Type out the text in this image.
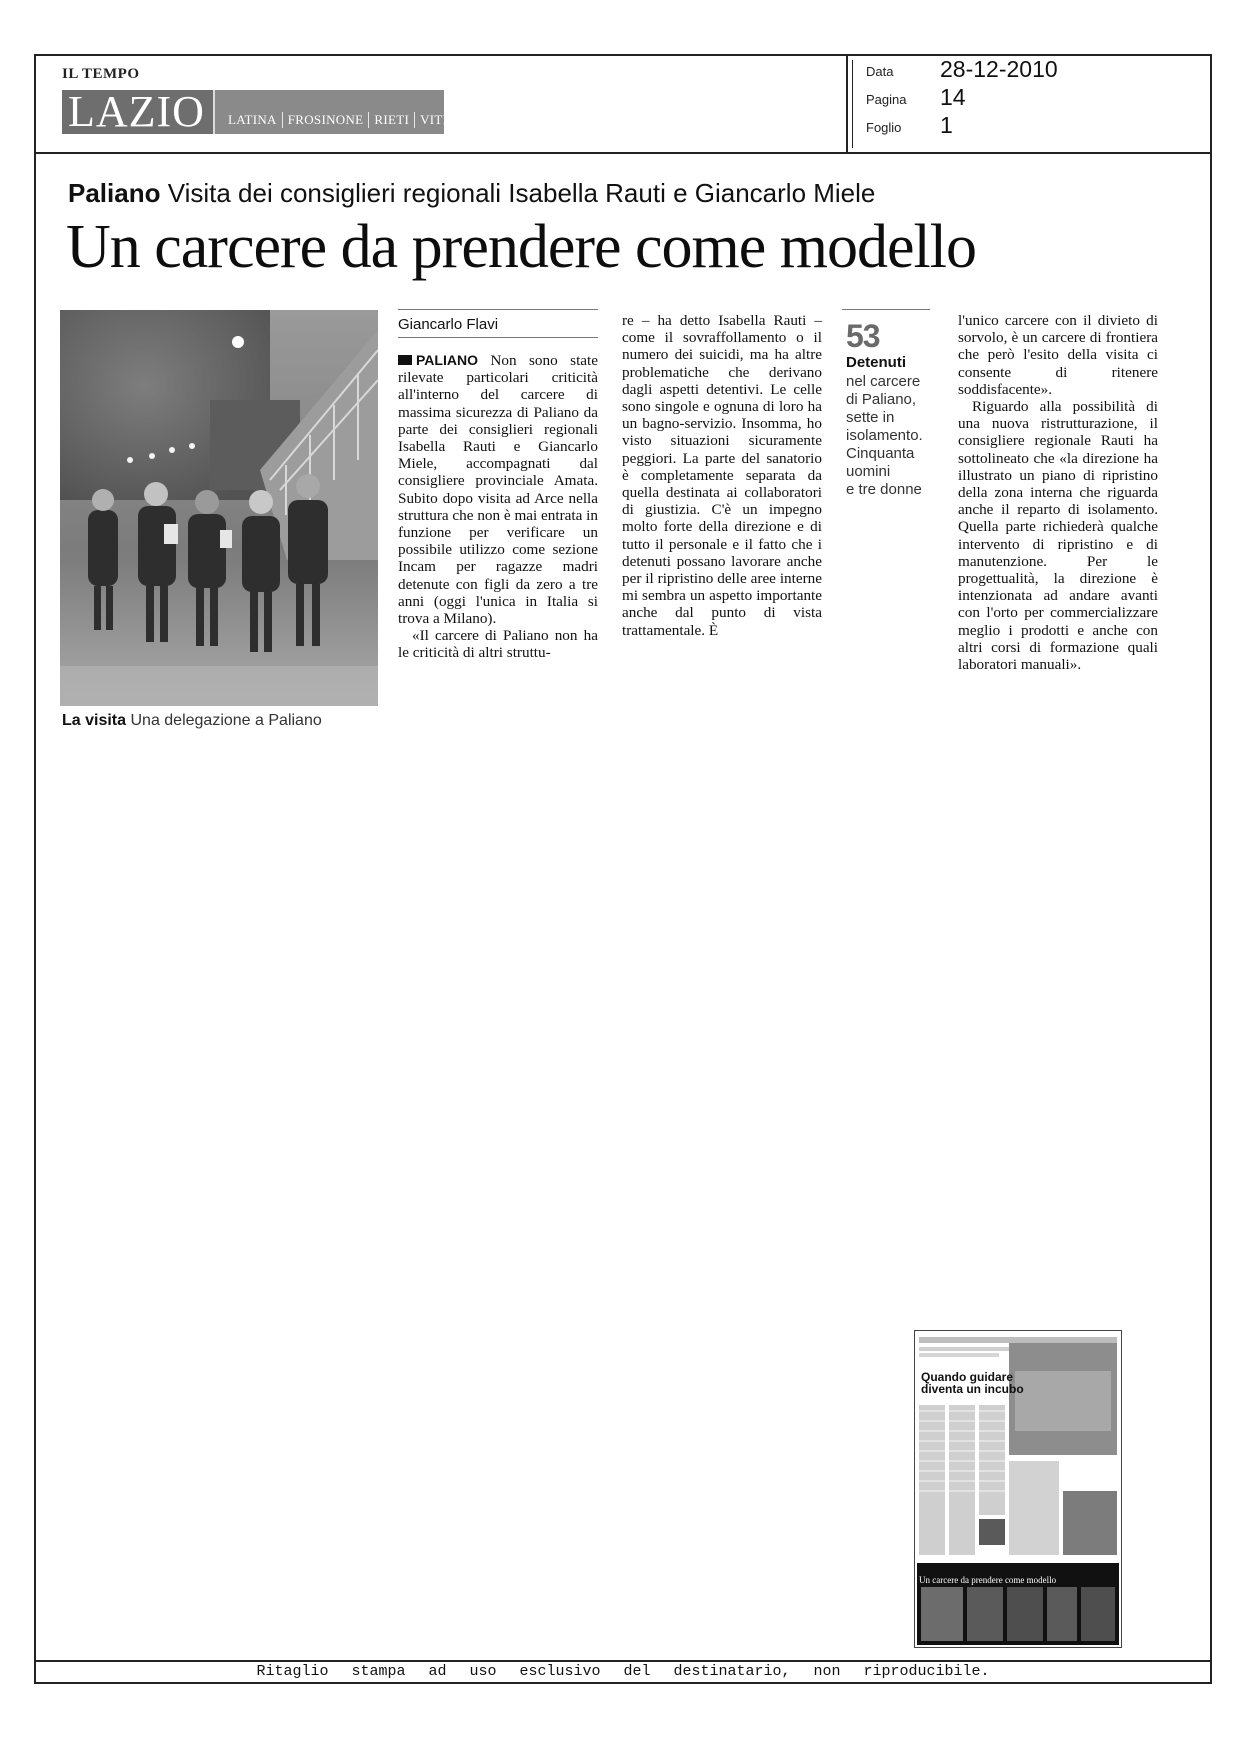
IL TEMPO
LAZIO	LATINA FROSINONE RIETI VITERBO
Data 28-12-2010
Pagina 14
Foglio 1
Paliano Visita dei consiglieri regionali Isabella Rauti e Giancarlo Miele
Un carcere da prendere come modello
La visita Una delegazione a Paliano
Giancarlo Flavi

PALIANO Non sono state rilevate particolari criticità all'interno del carcere di massima sicurezza di Paliano da parte dei consiglieri regionali Isabella Rauti e Giancarlo Miele, accompagnati dal consigliere provinciale Amata. Subito dopo visita ad Arce nella struttura che non è mai entrata in funzione per verificare un possibile utilizzo come sezione Incam per ragazze madri detenute con figli da zero a tre anni (oggi l'unica in Italia si trova a Milano).

«Il carcere di Paliano non ha le criticità di altri struttu-

re – ha detto Isabella Rauti – come il sovraffollamento o il numero dei suicidi, ma ha altre problematiche che derivano dagli aspetti detentivi. Le celle sono singole e ognuna di loro ha un bagno-servizio. Insomma, ho visto situazioni sicuramente peggiori. La parte del sanatorio è completamente separata da quella destinata ai collaboratori di giustizia. C'è un impegno molto forte della direzione e di tutto il personale e il fatto che i detenuti possano lavorare anche per il ripristino delle aree interne mi sembra un aspetto importante anche dal punto di vista trattamentale. È

53
Detenuti
nel carcere
di Paliano,
sette in
isolamento.
Cinquanta
uomini
e tre donne

l'unico carcere con il divieto di sorvolo, è un carcere di frontiera che però l'esito della visita ci consente di ritenere soddisfacente».

Riguardo alla possibilità di una nuova ristrutturazione, il consigliere regionale Rauti ha sottolineato che «la direzione ha illustrato un piano di ripristino della zona interna che riguarda anche il reparto di isolamento. Quella parte richiederà qualche intervento di ripristino e di manutenzione. Per le progettualità, la direzione è intenzionata ad andare avanti con l'orto per commercializzare meglio i prodotti e anche con altri corsi di formazione quali laboratori manuali».

Quando guidare
diventa un incubo
Un carcere da prendere come modello
Ritaglio stampa ad uso esclusivo del destinatario, non riproducibile.
